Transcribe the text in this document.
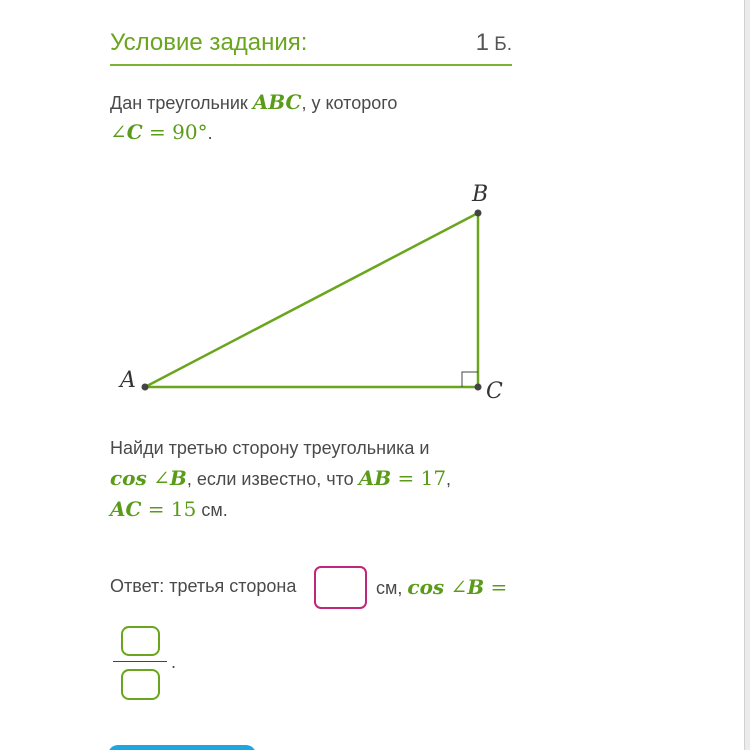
Условие задания:	1 Б.
Дан треугольник ABC, у которого
∠C = 90°.
A
B
C
Найди третью сторону треугольника и
cos ∠B, если известно, что AB = 17,
AC = 15 см.
Ответ: третья сторона	см, cos ∠B =
.
